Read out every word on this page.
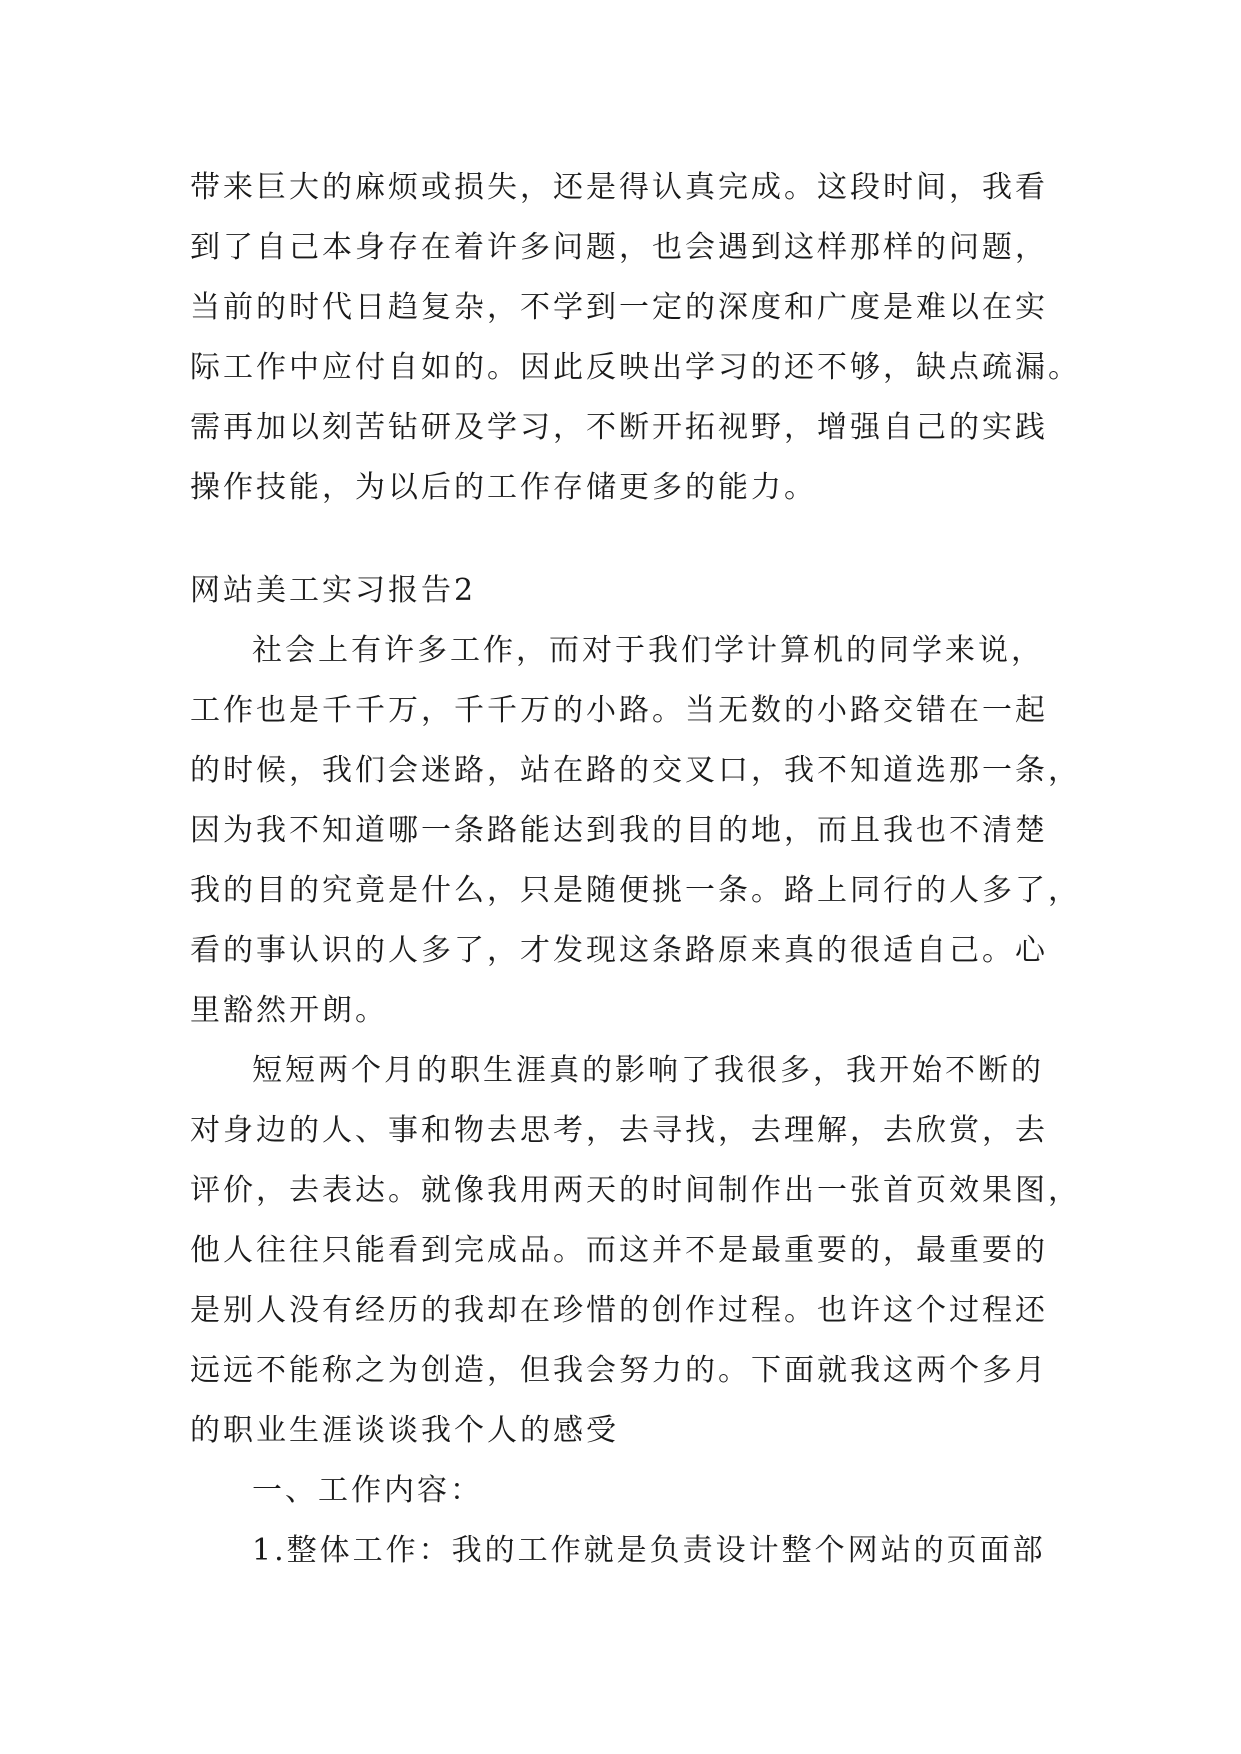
带来巨大的麻烦或损失，还是得认真完成。这段时间，我看
到了自己本身存在着许多问题，也会遇到这样那样的问题，
当前的时代日趋复杂，不学到一定的深度和广度是难以在实
际工作中应付自如的。因此反映出学习的还不够，缺点疏漏。
需再加以刻苦钻研及学习，不断开拓视野，增强自己的实践
操作技能，为以后的工作存储更多的能力。
网站美工实习报告2
社会上有许多工作，而对于我们学计算机的同学来说，
工作也是千千万，千千万的小路。当无数的小路交错在一起
的时候，我们会迷路，站在路的交叉口，我不知道选那一条，
因为我不知道哪一条路能达到我的目的地，而且我也不清楚
我的目的究竟是什么，只是随便挑一条。路上同行的人多了，
看的事认识的人多了，才发现这条路原来真的很适自己。心
里豁然开朗。
短短两个月的职生涯真的影响了我很多，我开始不断的
对身边的人、事和物去思考，去寻找，去理解，去欣赏，去
评价，去表达。就像我用两天的时间制作出一张首页效果图，
他人往往只能看到完成品。而这并不是最重要的，最重要的
是别人没有经历的我却在珍惜的创作过程。也许这个过程还
远远不能称之为创造，但我会努力的。下面就我这两个多月
的职业生涯谈谈我个人的感受
一、工作内容：
1.整体工作：我的工作就是负责设计整个网站的页面部
